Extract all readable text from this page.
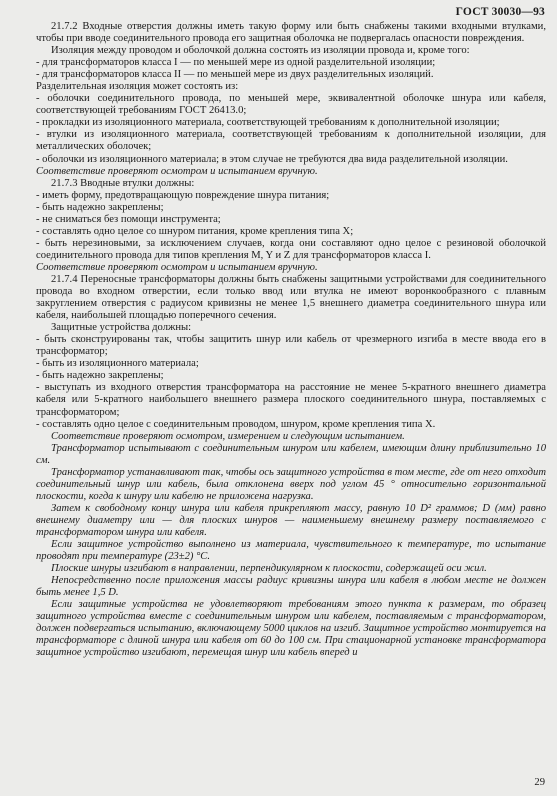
ГОСТ 30030—93

21.7.2 Входные отверстия должны иметь такую форму или быть снабжены такими входными втулками, чтобы при вводе соединительного провода его защитная оболочка не подвергалась опасности повреждения.

Изоляция между проводом и оболочкой должна состоять из изоляции провода и, кроме того:

- для трансформаторов класса I — по меньшей мере из одной разделительной изоляции;

- для трансформаторов класса II — по меньшей мере из двух разделительных изоляций.

Разделительная изоляция может состоять из:

- оболочки соединительного провода, по меньшей мере, эквивалентной оболочке шнура или кабеля, соответствующей требованиям ГОСТ 26413.0;

- прокладки из изоляционного материала, соответствующей требованиям к дополнительной изоляции;

- втулки из изоляционного материала, соответствующей требованиям к дополнительной изоляции, для металлических оболочек;

- оболочки из изоляционного материала; в этом случае не требуются два вида разделительной изоляции.

Соответствие проверяют осмотром и испытанием вручную.

21.7.3 Вводные втулки должны:

- иметь форму, предотвращающую повреждение шнура питания;

- быть надежно закреплены;

- не сниматься без помощи инструмента;

- составлять одно целое со шнуром питания, кроме крепления типа X;

- быть нерезиновыми, за исключением случаев, когда они составляют одно целое с резиновой оболочкой соединительного провода для типов крепления M, Y и Z для трансформаторов класса I.

Соответствие проверяют осмотром и испытанием вручную.

21.7.4 Переносные трансформаторы должны быть снабжены защитными устройствами для соединительного провода во входном отверстии, если только ввод или втулка не имеют воронкообразного с плавным закруглением отверстия с радиусом кривизны не менее 1,5 внешнего диаметра соединительного шнура или кабеля, наибольшей площадью поперечного сечения.

Защитные устройства должны:

- быть сконструированы так, чтобы защитить шнур или кабель от чрезмерного изгиба в месте ввода его в трансформатор;

- быть из изоляционного материала;

- быть надежно закреплены;

- выступать из входного отверстия трансформатора на расстояние не менее 5-кратного внешнего диаметра кабеля или 5-кратного наибольшего внешнего размера плоского соединительного шнура, поставляемых с трансформатором;

- составлять одно целое с соединительным проводом, шнуром, кроме крепления типа X.

Соответствие проверяют осмотром, измерением и следующим испытанием.

Трансформатор испытывают с соединительным шнуром или кабелем, имеющим длину приблизительно 10 см.

Трансформатор устанавливают так, чтобы ось защитного устройства в том месте, где от него отходит соединительный шнур или кабель, была отклонена вверх под углом 45 ° относительно горизонтальной плоскости, когда к шнуру или кабелю не приложена нагрузка.

Затем к свободному концу шнура или кабеля прикрепляют массу, равную 10 D² граммов; D (мм) равно внешнему диаметру или — для плоских шнуров — наименьшему внешнему размеру поставляемого с трансформатором шнура или кабеля.

Если защитное устройство выполнено из материала, чувствительного к температуре, то испытание проводят при температуре (23±2) °С.

Плоские шнуры изгибают в направлении, перпендикулярном к плоскости, содержащей оси жил.

Непосредственно после приложения массы радиус кривизны шнура или кабеля в любом месте не должен быть менее 1,5 D.

Если защитные устройства не удовлетворяют требованиям этого пункта к размерам, то образец защитного устройства вместе с соединительным шнуром или кабелем, поставляемым с трансформатором, должен подвергаться испытанию, включающему 5000 циклов на изгиб. Защитное устройство монтируется на трансформаторе с длиной шнура или кабеля от 60 до 100 см. При стационарной установке трансформатора защитное устройство изгибают, перемещая шнур или кабель вперед и

29
